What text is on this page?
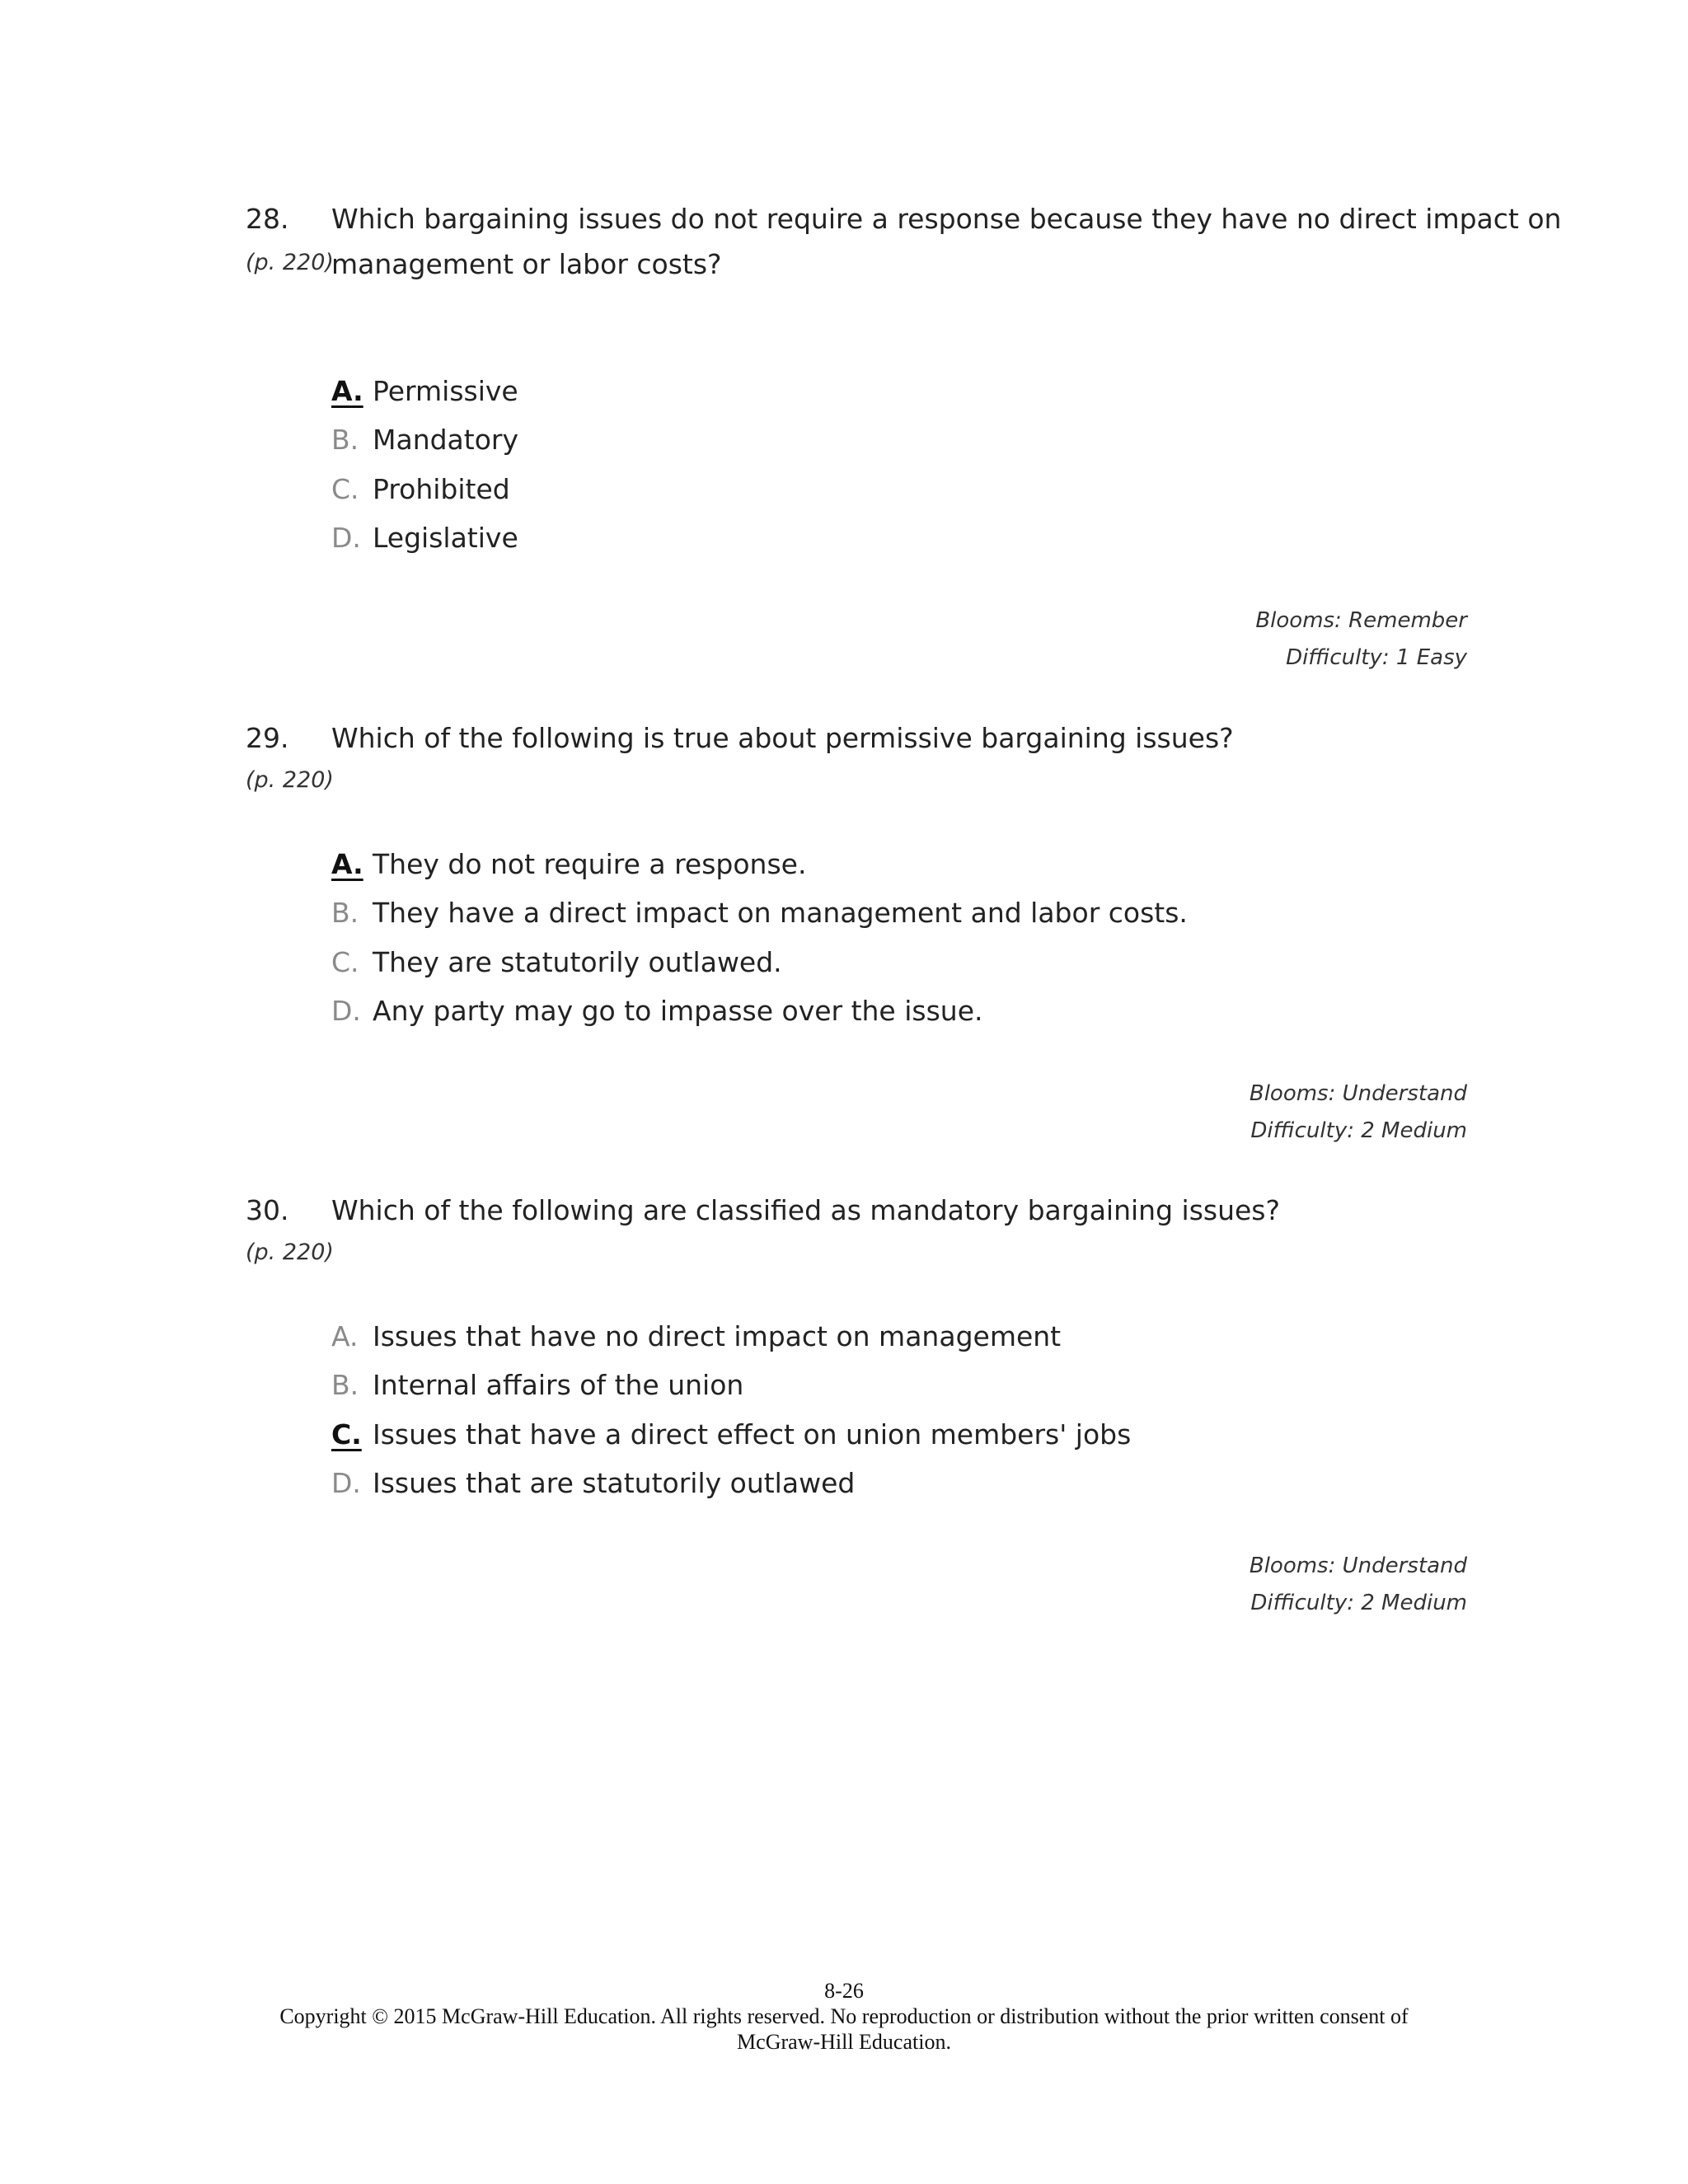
28. Which bargaining issues do not require a response because they have no direct impact on
(p. 220)
management or labor costs?
A. Permissive
B. Mandatory
C. Prohibited
D. Legislative
Blooms: Remember
Difficulty: 1 Easy
29. Which of the following is true about permissive bargaining issues?
(p. 220)
A. They do not require a response.
B. They have a direct impact on management and labor costs.
C. They are statutorily outlawed.
D. Any party may go to impasse over the issue.
Blooms: Understand
Difficulty: 2 Medium
30. Which of the following are classified as mandatory bargaining issues?
(p. 220)
A. Issues that have no direct impact on management
B. Internal affairs of the union
C. Issues that have a direct effect on union members' jobs
D. Issues that are statutorily outlawed
Blooms: Understand
Difficulty: 2 Medium
8-26
Copyright © 2015 McGraw-Hill Education. All rights reserved. No reproduction or distribution without the prior written consent of
McGraw-Hill Education.
